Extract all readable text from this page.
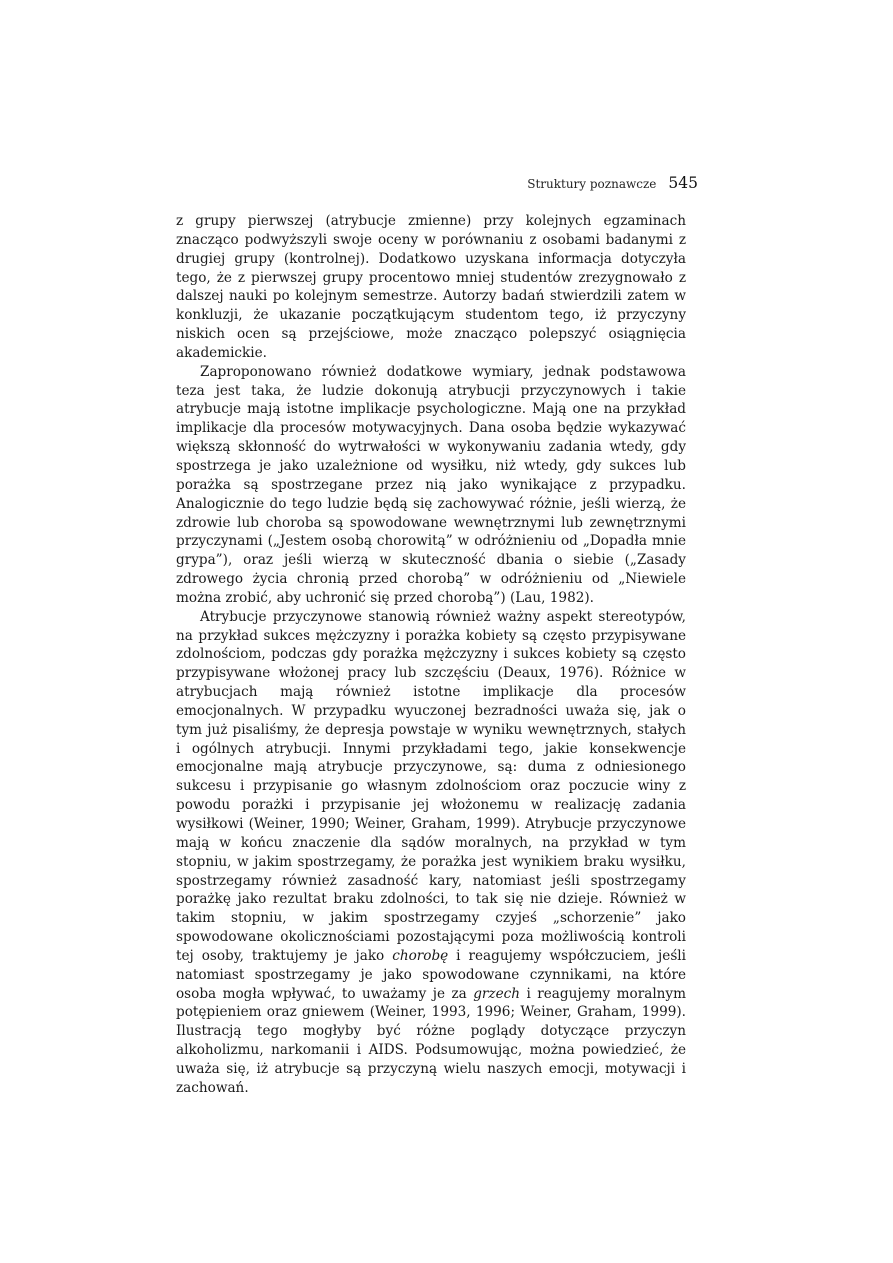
Struktury poznawcze 545

z grupy pierwszej (atrybucje zmienne) przy kolejnych egzaminach znacząco podwyższyli swoje oceny w porównaniu z osobami badanymi z drugiej grupy (kontrolnej). Dodatkowo uzyskana informacja dotyczyła tego, że z pierwszej grupy procentowo mniej studentów zrezygnowało z dalszej nauki po kolejnym semestrze. Autorzy badań stwierdzili zatem w konkluzji, że ukazanie początkującym studentom tego, iż przyczyny niskich ocen są przejściowe, może znacząco polepszyć osiągnięcia akademickie.

Zaproponowano również dodatkowe wymiary, jednak podstawowa teza jest taka, że ludzie dokonują atrybucji przyczynowych i takie atrybucje mają istotne implikacje psychologiczne. Mają one na przykład implikacje dla procesów motywacyjnych. Dana osoba będzie wykazywać większą skłonność do wytrwałości w wykonywaniu zadania wtedy, gdy spostrzega je jako uzależnione od wysiłku, niż wtedy, gdy sukces lub porażka są spostrzegane przez nią jako wynikające z przypadku. Analogicznie do tego ludzie będą się zachowywać różnie, jeśli wierzą, że zdrowie lub choroba są spowodowane wewnętrznymi lub zewnętrznymi przyczynami („Jestem osobą chorowitą” w odróżnieniu od „Dopadła mnie grypa”), oraz jeśli wierzą w skuteczność dbania o siebie („Zasady zdrowego życia chronią przed chorobą” w odróżnieniu od „Niewiele można zrobić, aby uchronić się przed chorobą”) (Lau, 1982).

Atrybucje przyczynowe stanowią również ważny aspekt stereotypów, na przykład sukces mężczyzny i porażka kobiety są często przypisywane zdolnościom, podczas gdy porażka mężczyzny i sukces kobiety są często przypisywane włożonej pracy lub szczęściu (Deaux, 1976). Różnice w atrybucjach mają również istotne implikacje dla procesów emocjonalnych. W przypadku wyuczonej bezradności uważa się, jak o tym już pisaliśmy, że depresja powstaje w wyniku wewnętrznych, stałych i ogólnych atrybucji. Innymi przykładami tego, jakie konsekwencje emocjonalne mają atrybucje przyczynowe, są: duma z odniesionego sukcesu i przypisanie go własnym zdolnościom oraz poczucie winy z powodu porażki i przypisanie jej włożonemu w realizację zadania wysiłkowi (Weiner, 1990; Weiner, Graham, 1999). Atrybucje przyczynowe mają w końcu znaczenie dla sądów moralnych, na przykład w tym stopniu, w jakim spostrzegamy, że porażka jest wynikiem braku wysiłku, spostrzegamy również zasadność kary, natomiast jeśli spostrzegamy porażkę jako rezultat braku zdolności, to tak się nie dzieje. Również w takim stopniu, w jakim spostrzegamy czyjeś „schorzenie” jako spowodowane okolicznościami pozostającymi poza możliwością kontroli tej osoby, traktujemy je jako chorobę i reagujemy współczuciem, jeśli natomiast spostrzegamy je jako spowodowane czynnikami, na które osoba mogła wpływać, to uważamy je za grzech i reagujemy moralnym potępieniem oraz gniewem (Weiner, 1993, 1996; Weiner, Graham, 1999). Ilustracją tego mogłyby być różne poglądy dotyczące przyczyn alkoholizmu, narkomanii i AIDS. Podsumowując, można powiedzieć, że uważa się, iż atrybucje są przyczyną wielu naszych emocji, motywacji i zachowań.
